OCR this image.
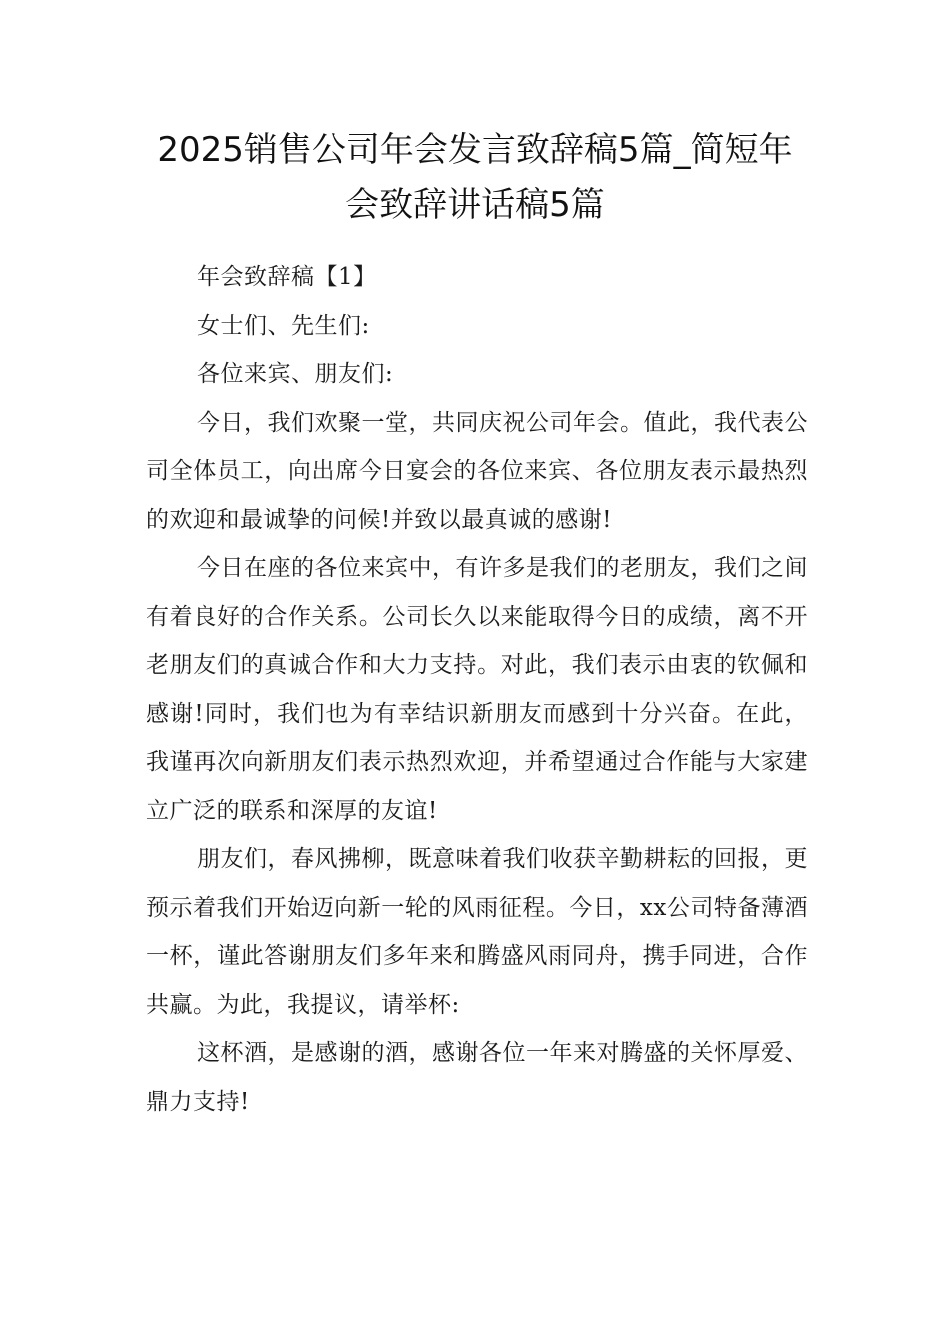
2025销售公司年会发言致辞稿5篇_简短年
会致辞讲话稿5篇

年会致辞稿【1】

女士们、先生们:

各位来宾、朋友们:

今日，我们欢聚一堂，共同庆祝公司年会。值此，我代表公司全体员工，向出席今日宴会的各位来宾、各位朋友表示最热烈的欢迎和最诚挚的问候!并致以最真诚的感谢!

今日在座的各位来宾中，有许多是我们的老朋友，我们之间有着良好的合作关系。公司长久以来能取得今日的成绩，离不开老朋友们的真诚合作和大力支持。对此，我们表示由衷的钦佩和感谢!同时，我们也为有幸结识新朋友而感到十分兴奋。在此，我谨再次向新朋友们表示热烈欢迎，并希望通过合作能与大家建立广泛的联系和深厚的友谊!

朋友们，春风拂柳，既意味着我们收获辛勤耕耘的回报，更预示着我们开始迈向新一轮的风雨征程。今日，xx公司特备薄酒一杯，谨此答谢朋友们多年来和腾盛风雨同舟，携手同进，合作共赢。为此，我提议，请举杯:

这杯酒，是感谢的酒，感谢各位一年来对腾盛的关怀厚爱、鼎力支持!
